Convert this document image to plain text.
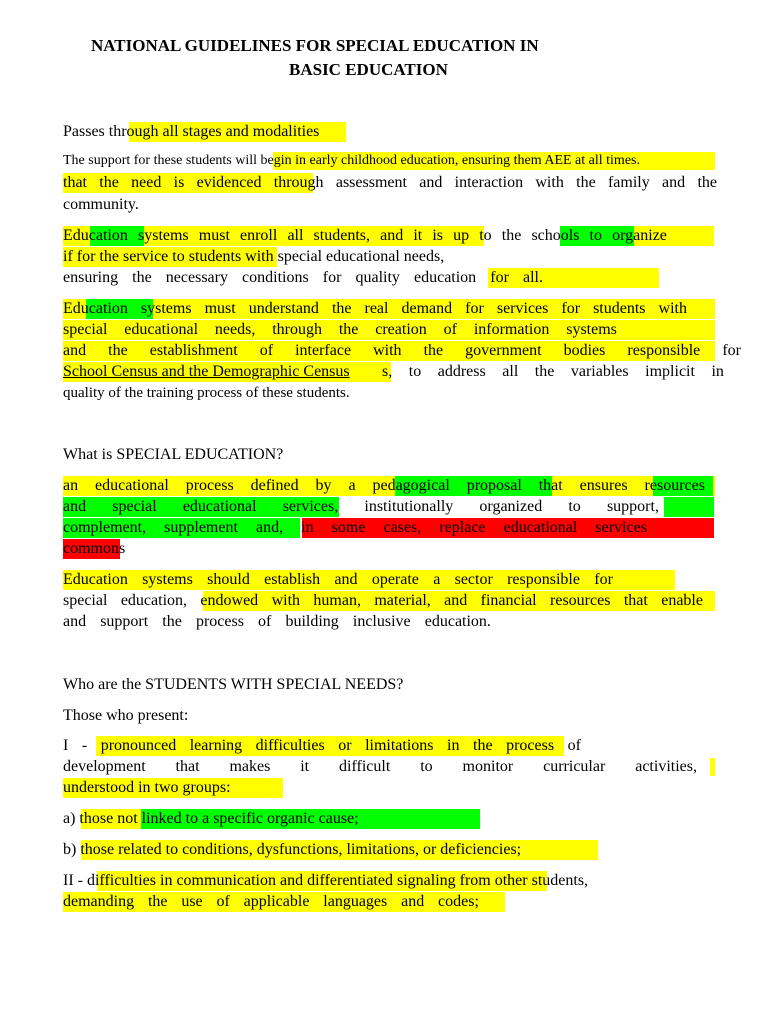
NATIONAL GUIDELINES FOR SPECIAL EDUCATION IN
BASIC EDUCATION
Passes through all stages and modalities
The support for these students will begin in early childhood education, ensuring them AEE at all times.
that the need is evidenced through assessment and interaction with the family and the
community.
Education systems must enroll all students, and it is up to the schools to organize
if for the service to students with special educational needs,
ensuring the necessary conditions for quality education for all.
Education systems must understand the real demand for services for students with
special educational needs, through the creation of information systems
and the establishment of interface with the government bodies responsible for
School Census and the Demographic Census s, to address all the variables implicit in
quality of the training process of these students.
What is SPECIAL EDUCATION?
an educational process defined by a pedagogical proposal that ensures resources
and special educational services, institutionally organized to support,
complement, supplement and, in some cases, replace educational services
commons
Education systems should establish and operate a sector responsible for
special education, endowed with human, material, and financial resources that enable
and support the process of building inclusive education.
Who are the STUDENTS WITH SPECIAL NEEDS?
Those who present:
I - pronounced learning difficulties or limitations in the process of
development that makes it difficult to monitor curricular activities,
understood in two groups:
a) those not linked to a specific organic cause;
b) those related to conditions, dysfunctions, limitations, or deficiencies;
II - difficulties in communication and differentiated signaling from other students,
demanding the use of applicable languages and codes;
